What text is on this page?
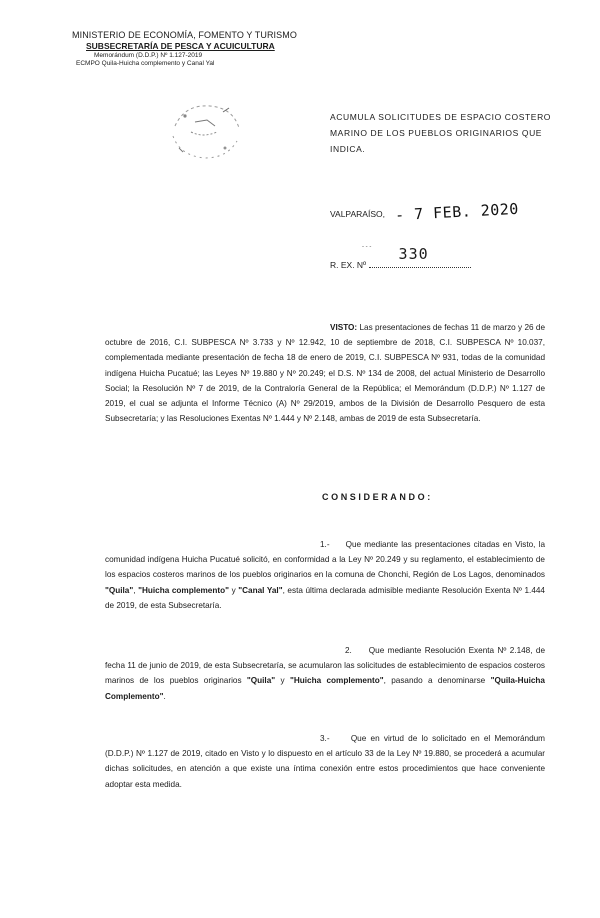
MINISTERIO DE ECONOMÍA, FOMENTO Y TURISMO
SUBSECRETARÍA DE PESCA Y ACUICULTURA
Memorándum (D.D.P.) Nº 1.127-2019
ECMPO Quila-Huicha complemento y Canal Yal
ACUMULA SOLICITUDES DE ESPACIO COSTERO MARINO DE LOS PUEBLOS ORIGINARIOS QUE INDICA.
VALPARAÍSO, - 7 FEB. 2020
‐ ‐ ‐
R. EX. Nº
330
VISTO: Las presentaciones de fechas 11 de marzo y 26 de octubre de 2016, C.I. SUBPESCA Nº 3.733 y Nº 12.942, 10 de septiembre de 2018, C.I. SUBPESCA Nº 10.037, complementada mediante presentación de fecha 18 de enero de 2019, C.I. SUBPESCA Nº 931, todas de la comunidad indígena Huicha Pucatué; las Leyes Nº 19.880 y Nº 20.249; el D.S. Nº 134 de 2008, del actual Ministerio de Desarrollo Social; la Resolución Nº 7 de 2019, de la Contraloría General de la República; el Memorándum (D.D.P.) Nº 1.127 de 2019, el cual se adjunta el Informe Técnico (A) Nº 29/2019, ambos de la División de Desarrollo Pesquero de esta Subsecretaría; y las Resoluciones Exentas Nº 1.444 y Nº 2.148, ambas de 2019 de esta Subsecretaría.
CONSIDERANDO:
1.- Que mediante las presentaciones citadas en Visto, la comunidad indígena Huicha Pucatué solicitó, en conformidad a la Ley Nº 20.249 y su reglamento, el establecimiento de los espacios costeros marinos de los pueblos originarios en la comuna de Chonchi, Región de Los Lagos, denominados "Quila", "Huicha complemento" y "Canal Yal", esta última declarada admisible mediante Resolución Exenta Nº 1.444 de 2019, de esta Subsecretaría.
2. Que mediante Resolución Exenta Nº 2.148, de fecha 11 de junio de 2019, de esta Subsecretaría, se acumularon las solicitudes de establecimiento de espacios costeros marinos de los pueblos originarios "Quila" y "Huicha complemento", pasando a denominarse "Quila-Huicha Complemento".
3.-	Que en virtud de lo solicitado en el Memorándum (D.D.P.) Nº 1.127 de 2019, citado en Visto y lo dispuesto en el artículo 33 de la Ley Nº 19.880, se procederá a acumular dichas solicitudes, en atención a que existe una íntima conexión entre estos procedimientos que hace conveniente adoptar esta medida.
